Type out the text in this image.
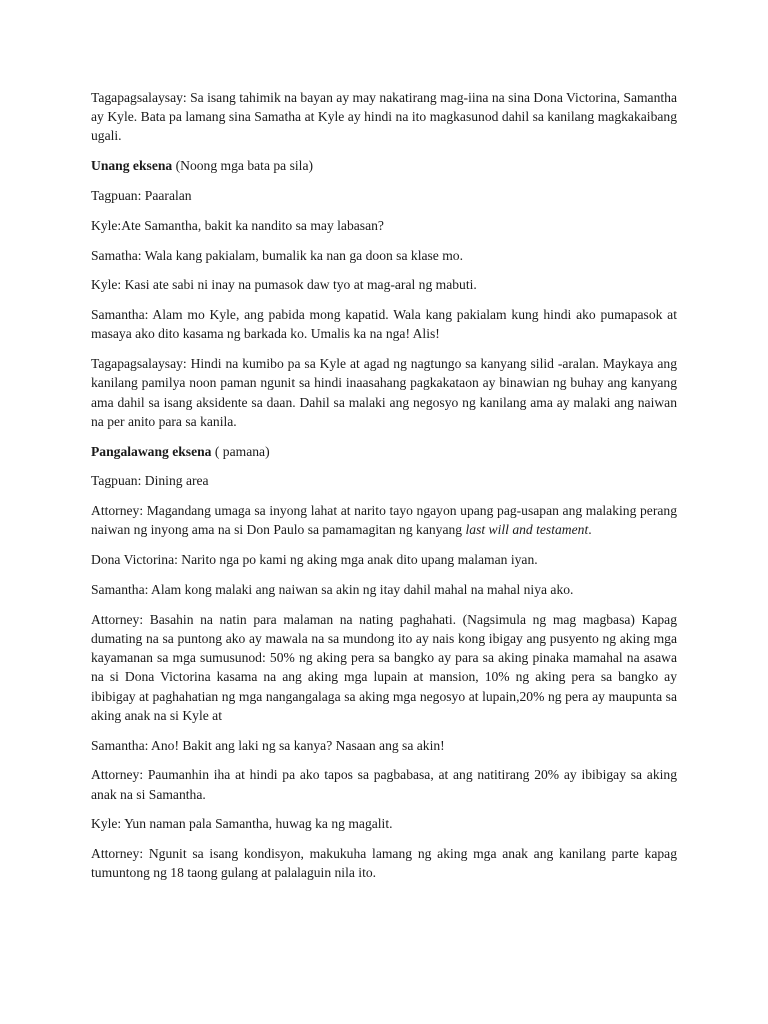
Tagapagsalaysay: Sa isang tahimik na bayan ay may nakatirang mag-iina na sina Dona Victorina, Samantha ay Kyle. Bata pa lamang sina Samatha at Kyle ay hindi na ito magkasunod dahil sa kanilang magkakaibang ugali.

Unang eksena (Noong mga bata pa sila)

Tagpuan: Paaralan

Kyle:Ate Samantha, bakit ka nandito sa may labasan?

Samatha: Wala kang pakialam, bumalik ka nan ga doon sa klase mo.

Kyle: Kasi ate sabi ni inay na pumasok daw tyo at mag-aral ng mabuti.

Samantha: Alam mo Kyle, ang pabida mong kapatid. Wala kang pakialam kung hindi ako pumapasok at masaya ako dito kasama ng barkada ko. Umalis ka na nga! Alis!

Tagapagsalaysay: Hindi na kumibo pa sa Kyle at agad ng nagtungo sa kanyang silid -aralan. Maykaya ang kanilang pamilya noon paman ngunit sa hindi inaasahang pagkakataon ay binawian ng buhay ang kanyang ama dahil sa isang aksidente sa daan. Dahil sa malaki ang negosyo ng kanilang ama ay malaki ang naiwan na per anito para sa kanila.

Pangalawang eksena ( pamana)

Tagpuan: Dining area

Attorney: Magandang umaga sa inyong lahat at narito tayo ngayon upang pag-usapan ang malaking perang naiwan ng inyong ama na si Don Paulo sa pamamagitan ng kanyang last will and testament.

Dona Victorina: Narito nga po kami ng aking mga anak dito upang malaman iyan.

Samantha: Alam kong malaki ang naiwan sa akin ng itay dahil mahal na mahal niya ako.

Attorney: Basahin na natin para malaman na nating paghahati. (Nagsimula ng mag magbasa) Kapag dumating na sa puntong ako ay mawala na sa mundong ito ay nais kong ibigay ang pusyento ng aking mga kayamanan sa mga sumusunod: 50% ng aking pera sa bangko ay para sa aking pinaka mamahal na asawa na si Dona Victorina kasama na ang aking mga lupain at mansion, 10% ng aking pera sa bangko ay ibibigay at paghahatian ng mga nangangalaga sa aking mga negosyo at lupain,20% ng pera ay maupunta sa aking anak na si Kyle at

Samantha: Ano! Bakit ang laki ng sa kanya? Nasaan ang sa akin!

Attorney: Paumanhin iha at hindi pa ako tapos sa pagbabasa, at ang natitirang 20% ay ibibigay sa aking anak na si Samantha.

Kyle: Yun naman pala Samantha, huwag ka ng magalit.

Attorney: Ngunit sa isang kondisyon, makukuha lamang ng aking mga anak ang kanilang parte kapag tumuntong ng 18 taong gulang at palalaguin nila ito.
